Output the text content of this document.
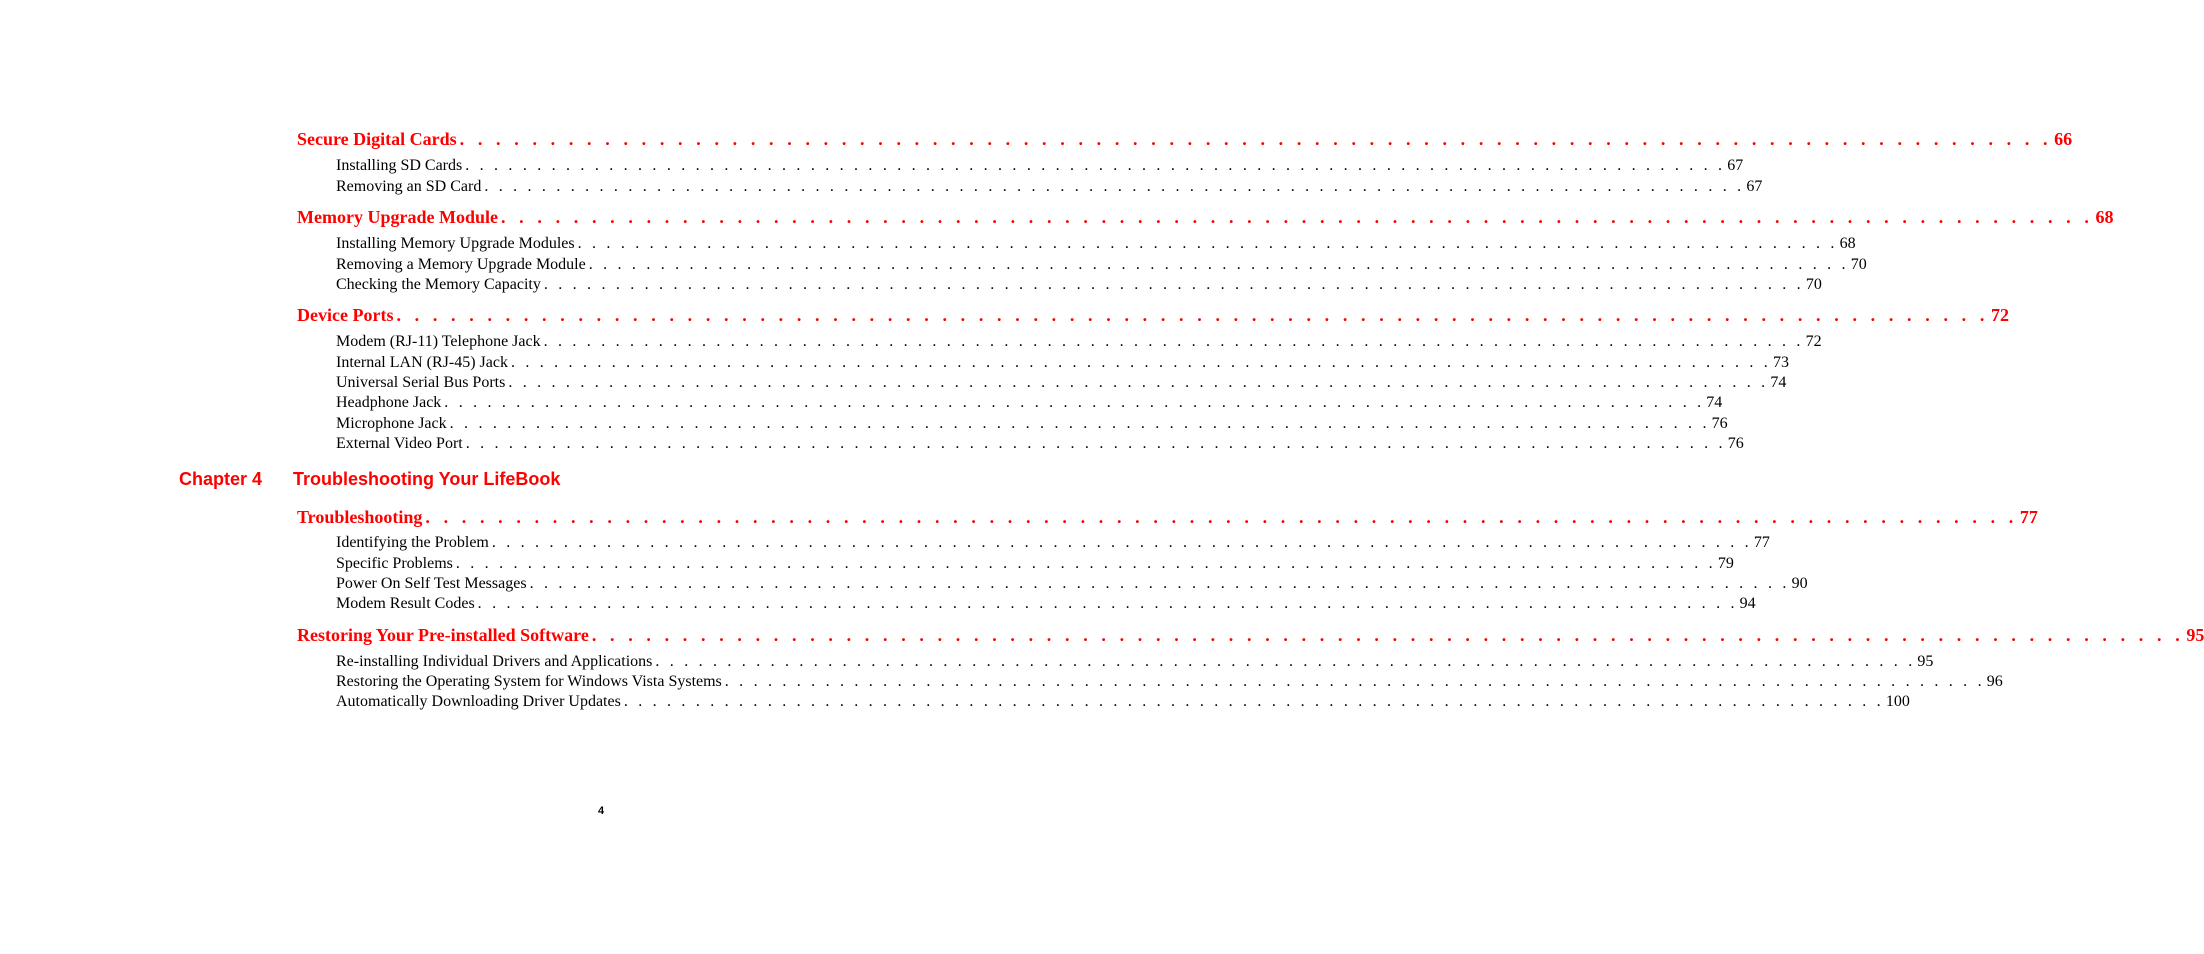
Secure Digital Cards . . . . . . . . . . . . . . . . . . . . . . . . . . . . . . . . . . . . . . . . . . . . . . . . . . . . . . . . . . . . . . . . . . . . . . . . . . . . . . . . . . . . . . . . 66
Installing SD Cards . . . . . . . . . . . . . . . . . . . . . . . . . . . . . . . . . . . . . . . . . . . . . . . . . . . . . . . . . . . . . . . . . . . . . . . . . . . . . . . . . . . . . . . . 67
Removing an SD Card . . . . . . . . . . . . . . . . . . . . . . . . . . . . . . . . . . . . . . . . . . . . . . . . . . . . . . . . . . . . . . . . . . . . . . . . . . . . . . . . . . . . . . . . 67
Memory Upgrade Module . . . . . . . . . . . . . . . . . . . . . . . . . . . . . . . . . . . . . . . . . . . . . . . . . . . . . . . . . . . . . . . . . . . . . . . . . . . . . . . . . . . . . . . . 68
Installing Memory Upgrade Modules . . . . . . . . . . . . . . . . . . . . . . . . . . . . . . . . . . . . . . . . . . . . . . . . . . . . . . . . . . . . . . . . . . . . . . . . . . . . . . . . . . . . . . . . 68
Removing a Memory Upgrade Module . . . . . . . . . . . . . . . . . . . . . . . . . . . . . . . . . . . . . . . . . . . . . . . . . . . . . . . . . . . . . . . . . . . . . . . . . . . . . . . . . . . . . . . . 70
Checking the Memory Capacity . . . . . . . . . . . . . . . . . . . . . . . . . . . . . . . . . . . . . . . . . . . . . . . . . . . . . . . . . . . . . . . . . . . . . . . . . . . . . . . . . . . . . . . . 70
Device Ports . . . . . . . . . . . . . . . . . . . . . . . . . . . . . . . . . . . . . . . . . . . . . . . . . . . . . . . . . . . . . . . . . . . . . . . . . . . . . . . . . . . . . . . . 72
Modem (RJ-11) Telephone Jack . . . . . . . . . . . . . . . . . . . . . . . . . . . . . . . . . . . . . . . . . . . . . . . . . . . . . . . . . . . . . . . . . . . . . . . . . . . . . . . . . . . . . . . . 72
Internal LAN (RJ-45) Jack . . . . . . . . . . . . . . . . . . . . . . . . . . . . . . . . . . . . . . . . . . . . . . . . . . . . . . . . . . . . . . . . . . . . . . . . . . . . . . . . . . . . . . . . 73
Universal Serial Bus Ports . . . . . . . . . . . . . . . . . . . . . . . . . . . . . . . . . . . . . . . . . . . . . . . . . . . . . . . . . . . . . . . . . . . . . . . . . . . . . . . . . . . . . . . . 74
Headphone Jack . . . . . . . . . . . . . . . . . . . . . . . . . . . . . . . . . . . . . . . . . . . . . . . . . . . . . . . . . . . . . . . . . . . . . . . . . . . . . . . . . . . . . . . . 74
Microphone Jack . . . . . . . . . . . . . . . . . . . . . . . . . . . . . . . . . . . . . . . . . . . . . . . . . . . . . . . . . . . . . . . . . . . . . . . . . . . . . . . . . . . . . . . . 76
External Video Port . . . . . . . . . . . . . . . . . . . . . . . . . . . . . . . . . . . . . . . . . . . . . . . . . . . . . . . . . . . . . . . . . . . . . . . . . . . . . . . . . . . . . . . . 76
Chapter 4 Troubleshooting Your LifeBook
Troubleshooting . . . . . . . . . . . . . . . . . . . . . . . . . . . . . . . . . . . . . . . . . . . . . . . . . . . . . . . . . . . . . . . . . . . . . . . . . . . . . . . . . . . . . . . . 77
Identifying the Problem . . . . . . . . . . . . . . . . . . . . . . . . . . . . . . . . . . . . . . . . . . . . . . . . . . . . . . . . . . . . . . . . . . . . . . . . . . . . . . . . . . . . . . . . 77
Specific Problems . . . . . . . . . . . . . . . . . . . . . . . . . . . . . . . . . . . . . . . . . . . . . . . . . . . . . . . . . . . . . . . . . . . . . . . . . . . . . . . . . . . . . . . . 79
Power On Self Test Messages . . . . . . . . . . . . . . . . . . . . . . . . . . . . . . . . . . . . . . . . . . . . . . . . . . . . . . . . . . . . . . . . . . . . . . . . . . . . . . . . . . . . . . . . 90
Modem Result Codes . . . . . . . . . . . . . . . . . . . . . . . . . . . . . . . . . . . . . . . . . . . . . . . . . . . . . . . . . . . . . . . . . . . . . . . . . . . . . . . . . . . . . . . . 94
Restoring Your Pre-installed Software . . . . . . . . . . . . . . . . . . . . . . . . . . . . . . . . . . . . . . . . . . . . . . . . . . . . . . . . . . . . . . . . . . . . . . . . . . . . . . . . . . . . . . . . 95
Re-installing Individual Drivers and Applications . . . . . . . . . . . . . . . . . . . . . . . . . . . . . . . . . . . . . . . . . . . . . . . . . . . . . . . . . . . . . . . . . . . . . . . . . . . . . . . . . . . . . . . . 95
Restoring the Operating System for Windows Vista Systems . . . . . . . . . . . . . . . . . . . . . . . . . . . . . . . . . . . . . . . . . . . . . . . . . . . . . . . . . . . . . . . . . . . . . . . . . . . . . . . . . . . . . . . . 96
Automatically Downloading Driver Updates . . . . . . . . . . . . . . . . . . . . . . . . . . . . . . . . . . . . . . . . . . . . . . . . . . . . . . . . . . . . . . . . . . . . . . . . . . . . . . . . . . . . . . . . 100
4
